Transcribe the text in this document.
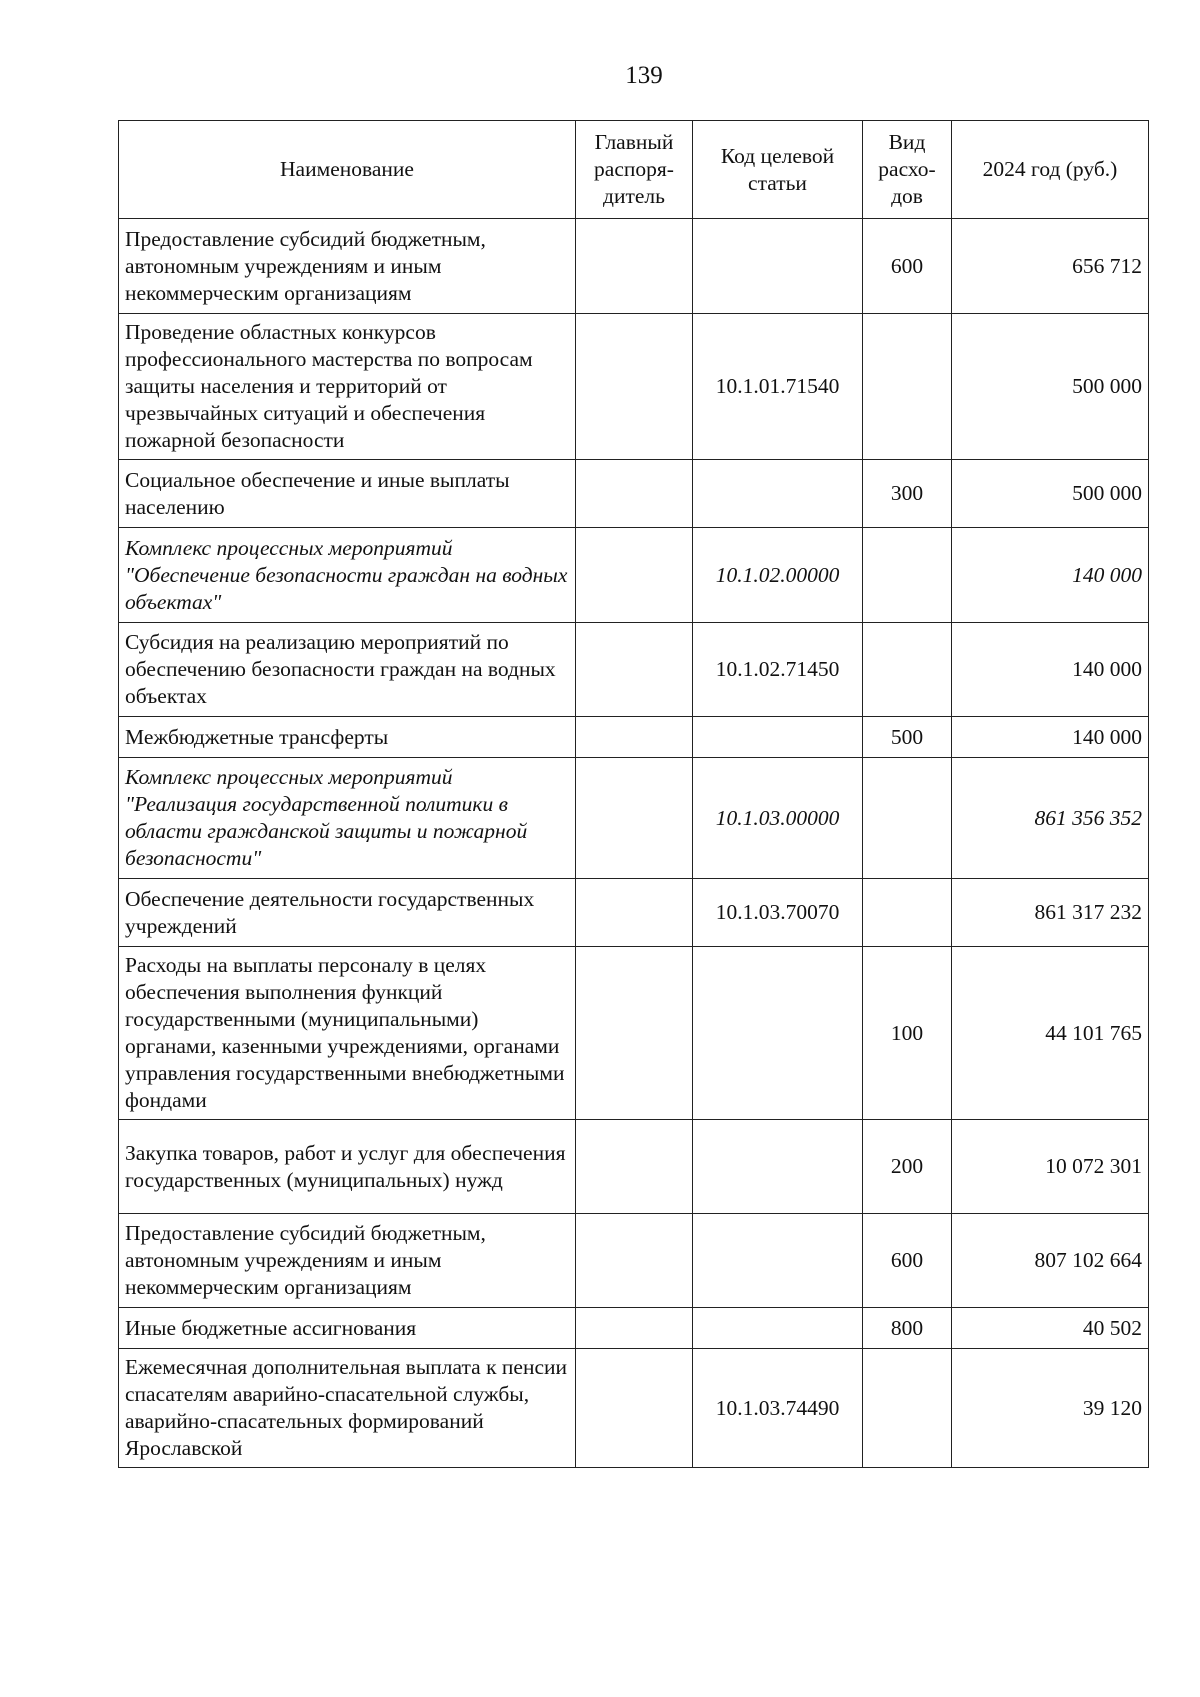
139
Наименование	Главный распоря-дитель	Код целевой статьи	Вид расхо-дов	2024 год (руб.)
Предоставление субсидий бюджетным, автономным учреждениям и иным некоммерческим организациям			600	656 712
Проведение областных конкурсов профессионального мастерства по вопросам защиты населения и территорий от чрезвычайных ситуаций и обеспечения пожарной безопасности		10.1.01.71540		500 000
Социальное обеспечение и иные выплаты населению			300	500 000
Комплекс процессных мероприятий "Обеспечение безопасности граждан на водных объектах"		10.1.02.00000		140 000
Субсидия на реализацию мероприятий по обеспечению безопасности граждан на водных объектах		10.1.02.71450		140 000
Межбюджетные трансферты			500	140 000
Комплекс процессных мероприятий "Реализация государственной политики в области гражданской защиты и пожарной безопасности"		10.1.03.00000		861 356 352
Обеспечение деятельности государственных учреждений		10.1.03.70070		861 317 232
Расходы на выплаты персоналу в целях обеспечения выполнения функций государственными (муниципальными) органами, казенными учреждениями, органами управления государственными внебюджетными фондами			100	44 101 765
Закупка товаров, работ и услуг для обеспечения государственных (муниципальных) нужд			200	10 072 301
Предоставление субсидий бюджетным, автономным учреждениям и иным некоммерческим организациям			600	807 102 664
Иные бюджетные ассигнования			800	40 502
Ежемесячная дополнительная выплата к пенсии спасателям аварийно-спасательной службы, аварийно-спасательных формирований Ярославской		10.1.03.74490		39 120
